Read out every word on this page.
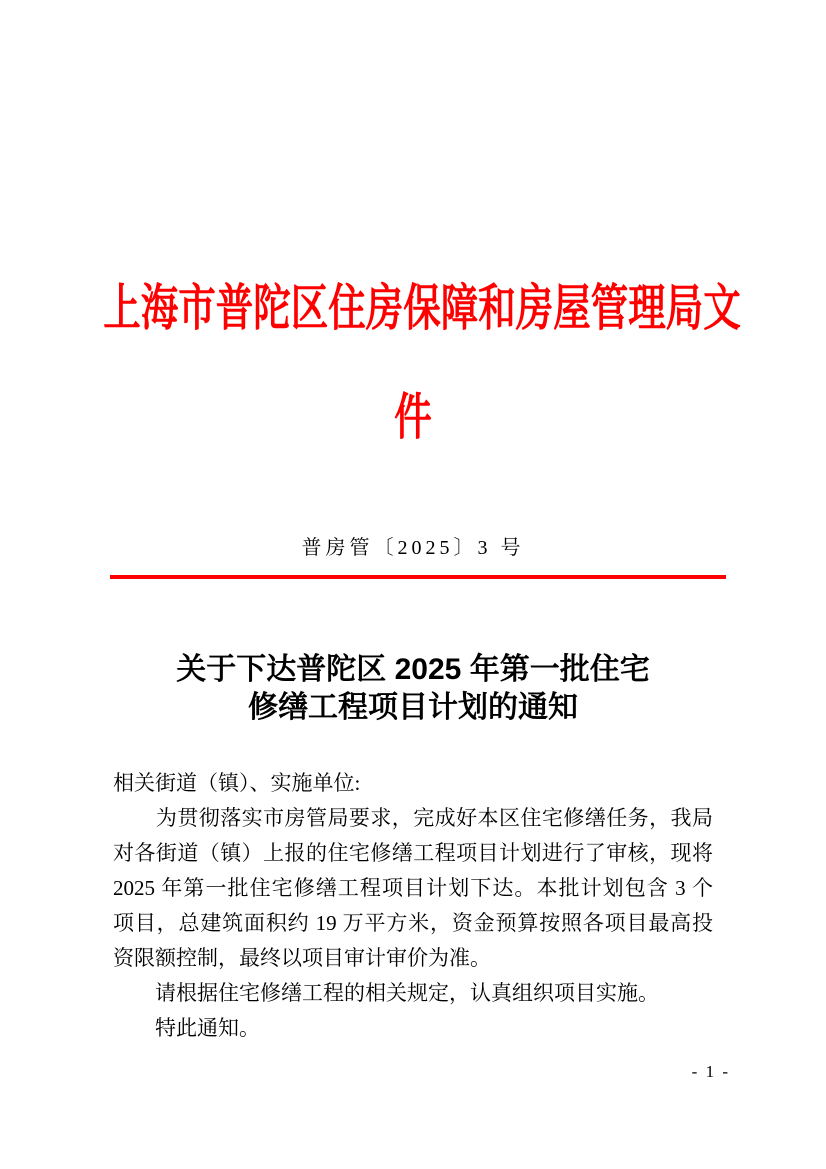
上海市普陀区住房保障和房屋管理局文
件
普房管〔2025〕3 号
关于下达普陀区 2025 年第一批住宅
修缮工程项目计划的通知
相关街道（镇）、实施单位:
　　为贯彻落实市房管局要求，完成好本区住宅修缮任务，我局
对各街道（镇）上报的住宅修缮工程项目计划进行了审核，现将
2025 年第一批住宅修缮工程项目计划下达。本批计划包含 3 个
项目，总建筑面积约 19 万平方米，资金预算按照各项目最高投
资限额控制，最终以项目审计审价为准。
　　请根据住宅修缮工程的相关规定，认真组织项目实施。
　　特此通知。
- 1 -
